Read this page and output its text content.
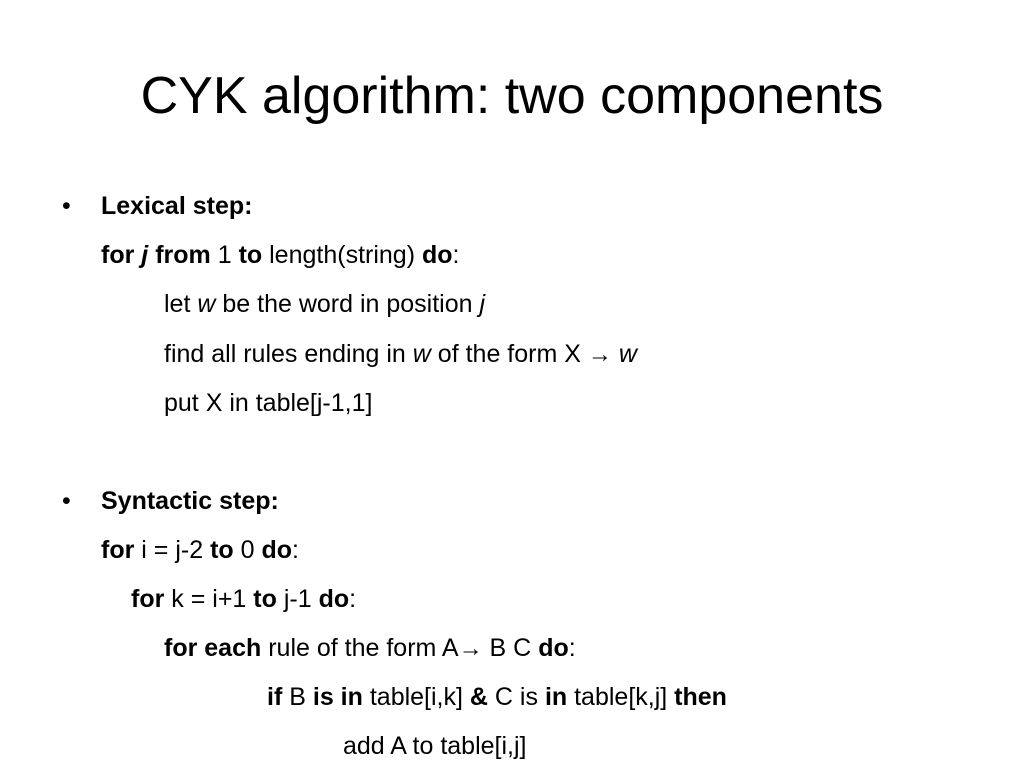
CYK algorithm: two components
• Lexical step:
for j from 1 to length(string) do:
let w be the word in position j
find all rules ending in w of the form X → w
put X in table[j-1,1]
• Syntactic step:
for i = j-2 to 0 do:
for k = i+1 to j-1 do:
for each rule of the form A→ B C do:
if B is in table[i,k] & C is in table[k,j] then
add A to table[i,j]
